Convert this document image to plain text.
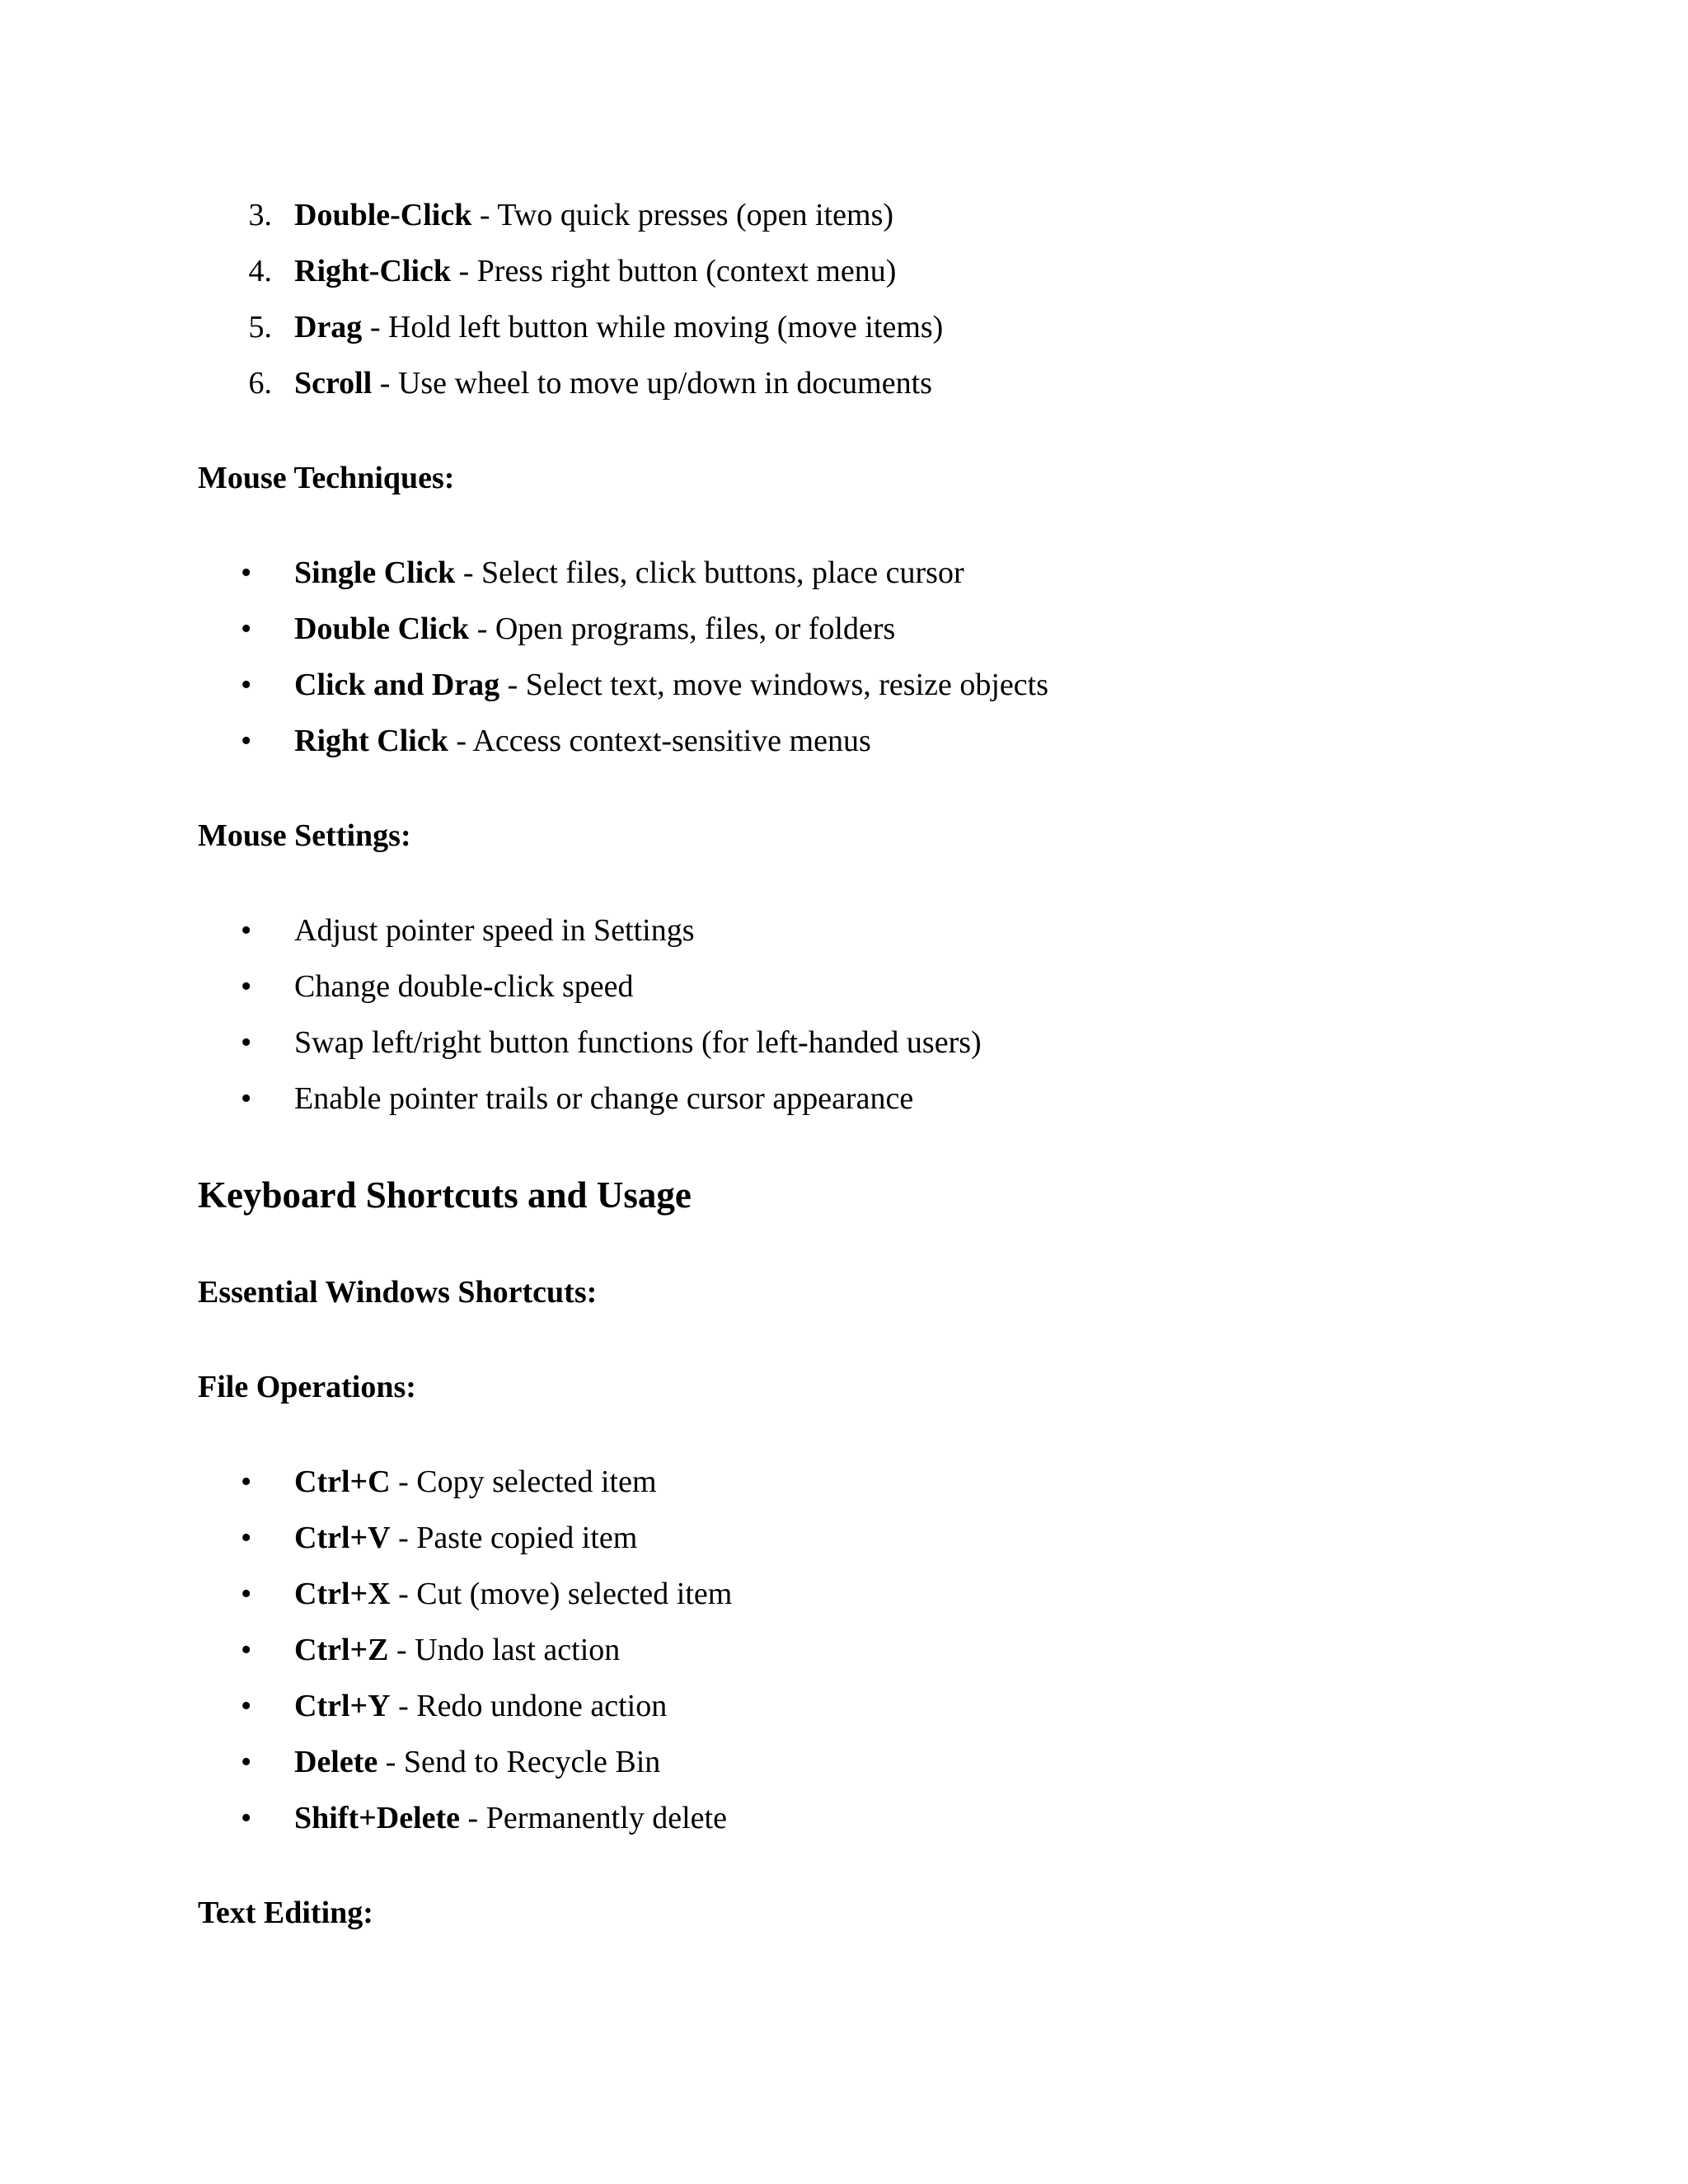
3. Double-Click - Two quick presses (open items)
4. Right-Click - Press right button (context menu)
5. Drag - Hold left button while moving (move items)
6. Scroll - Use wheel to move up/down in documents
Mouse Techniques:
• Single Click - Select files, click buttons, place cursor
• Double Click - Open programs, files, or folders
• Click and Drag - Select text, move windows, resize objects
• Right Click - Access context-sensitive menus
Mouse Settings:
• Adjust pointer speed in Settings
• Change double-click speed
• Swap left/right button functions (for left-handed users)
• Enable pointer trails or change cursor appearance
Keyboard Shortcuts and Usage
Essential Windows Shortcuts:
File Operations:
• Ctrl+C - Copy selected item
• Ctrl+V - Paste copied item
• Ctrl+X - Cut (move) selected item
• Ctrl+Z - Undo last action
• Ctrl+Y - Redo undone action
• Delete - Send to Recycle Bin
• Shift+Delete - Permanently delete
Text Editing:
